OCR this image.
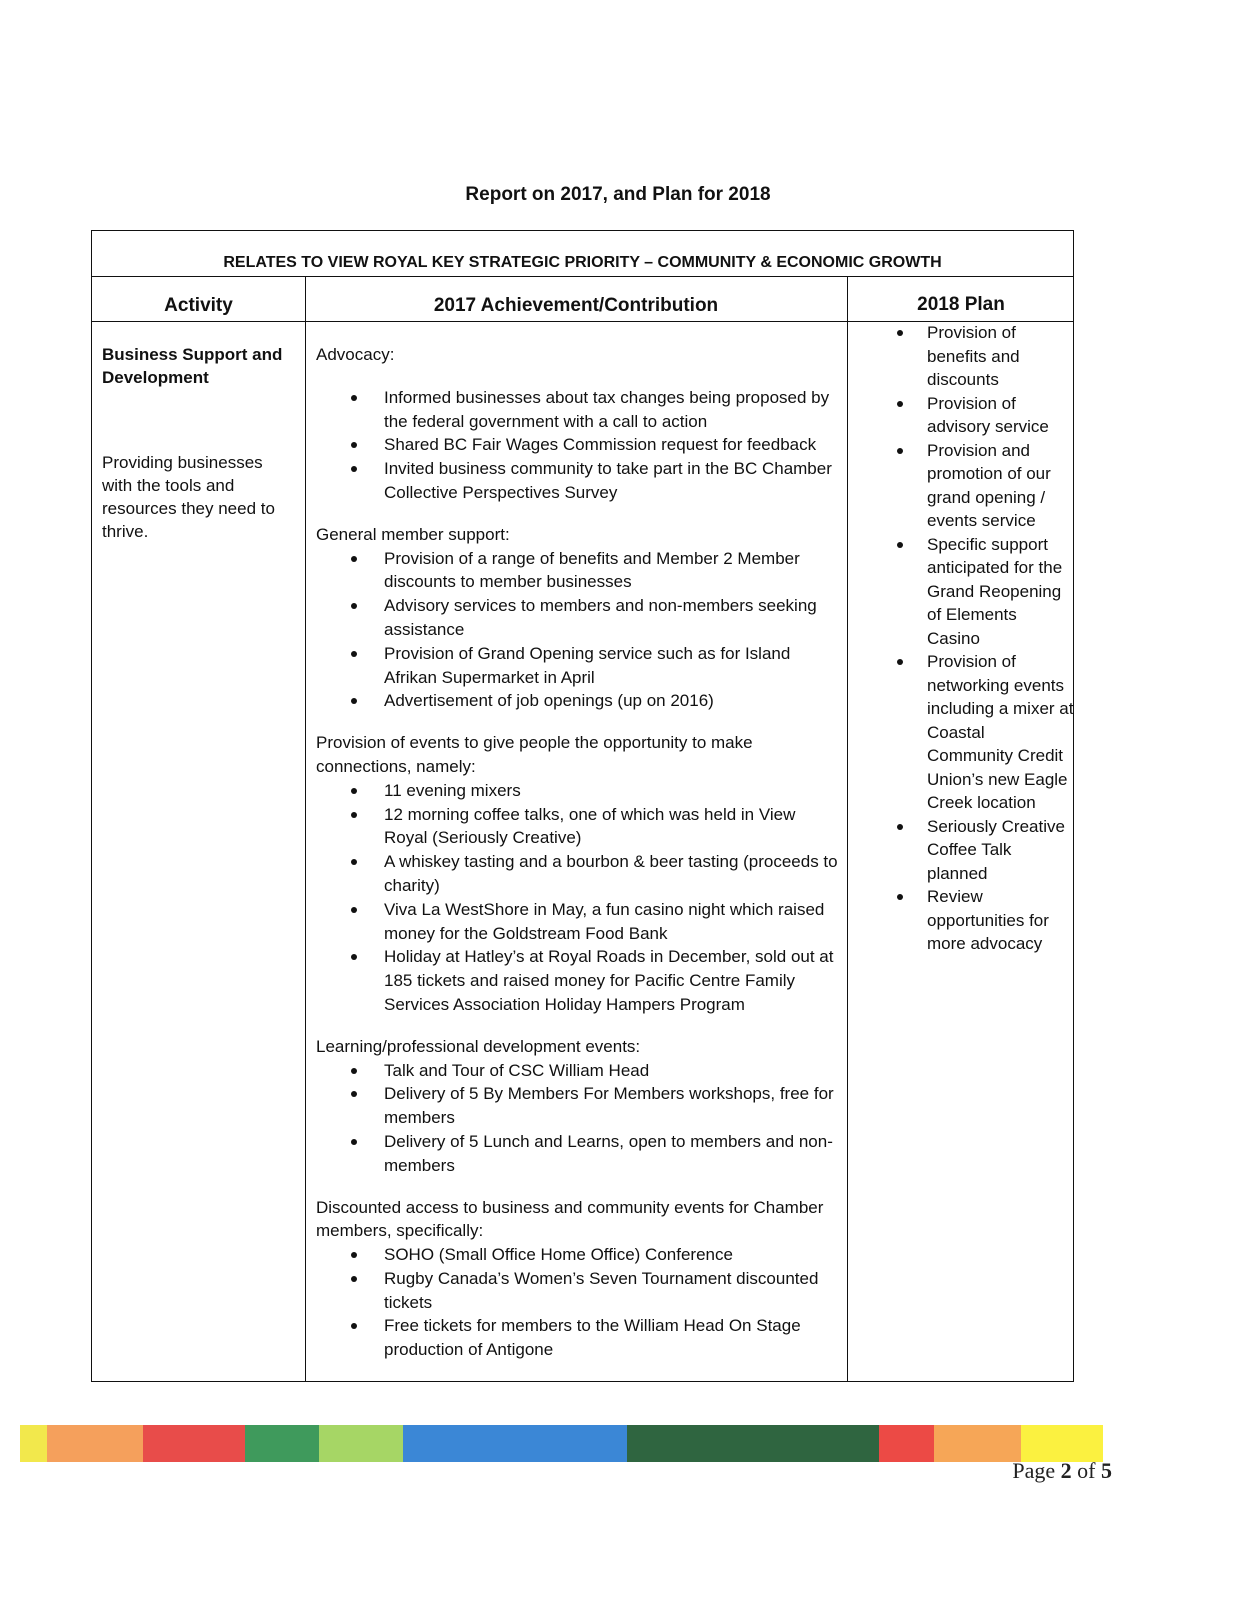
Report on 2017, and Plan for 2018
RELATES TO VIEW ROYAL KEY STRATEGIC PRIORITY – COMMUNITY & ECONOMIC GROWTH
Activity	2017 Achievement/Contribution	2018 Plan
Business Support and Development
Providing businesses with the tools and resources they need to thrive.
Advocacy:
Informed businesses about tax changes being proposed by the federal government with a call to action
Shared BC Fair Wages Commission request for feedback
Invited business community to take part in the BC Chamber Collective Perspectives Survey
General member support:
Provision of a range of benefits and Member 2 Member discounts to member businesses
Advisory services to members and non-members seeking assistance
Provision of Grand Opening service such as for Island Afrikan Supermarket in April
Advertisement of job openings (up on 2016)
Provision of events to give people the opportunity to make connections, namely:
11 evening mixers
12 morning coffee talks, one of which was held in View Royal (Seriously Creative)
A whiskey tasting and a bourbon & beer tasting (proceeds to charity)
Viva La WestShore in May, a fun casino night which raised money for the Goldstream Food Bank
Holiday at Hatley’s at Royal Roads in December, sold out at 185 tickets and raised money for Pacific Centre Family Services Association Holiday Hampers Program
Learning/professional development events:
Talk and Tour of CSC William Head
Delivery of 5 By Members For Members workshops, free for members
Delivery of 5 Lunch and Learns, open to members and non-members
Discounted access to business and community events for Chamber members, specifically:
SOHO (Small Office Home Office) Conference
Rugby Canada’s Women’s Seven Tournament discounted tickets
Free tickets for members to the William Head On Stage production of Antigone
Provision of benefits and discounts
Provision of advisory service
Provision and promotion of our grand opening / events service
Specific support anticipated for the Grand Reopening of Elements Casino
Provision of networking events including a mixer at Coastal Community Credit Union’s new Eagle Creek location
Seriously Creative Coffee Talk planned
Review opportunities for more advocacy
Page 2 of 5
